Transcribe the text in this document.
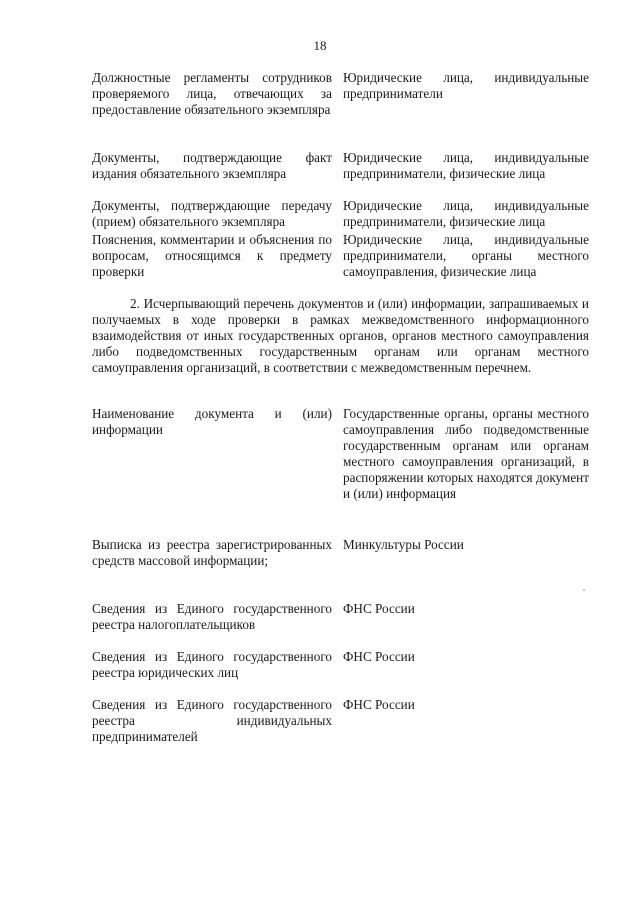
18
Должностные регламенты сотрудников проверяемого лица, отвечающих за предоставление обязательного экземпляра
Юридические лица, индивидуальные предприниматели
Документы, подтверждающие факт издания обязательного экземпляра
Юридические лица, индивидуальные предприниматели, физические лица
Документы, подтверждающие передачу (прием) обязательного экземпляра
Юридические лица, индивидуальные предприниматели, физические лица
Пояснения, комментарии и объяснения по вопросам, относящимся к предмету проверки
Юридические лица, индивидуальные предприниматели, органы местного самоуправления, физические лица
2. Исчерпывающий перечень документов и (или) информации, запрашиваемых и получаемых в ходе проверки в рамках межведомственного информационного взаимодействия от иных государственных органов, органов местного самоуправления либо подведомственных государственным органам или органам местного самоуправления организаций, в соответствии с межведомственным перечнем.
Наименование документа и (или) информации
Государственные органы, органы местного самоуправления либо подведомственные государственным органам или органам местного самоуправления организаций, в распоряжении которых находятся документ и (или) информация
Выписка из реестра зарегистрированных средств массовой информации;
Минкультуры России
Сведения из Единого государственного реестра налогоплательщиков
ФНС России
Сведения из Единого государственного реестра юридических лиц
ФНС России
Сведения из Единого государственного реестра индивидуальных предпринимателей
ФНС России
